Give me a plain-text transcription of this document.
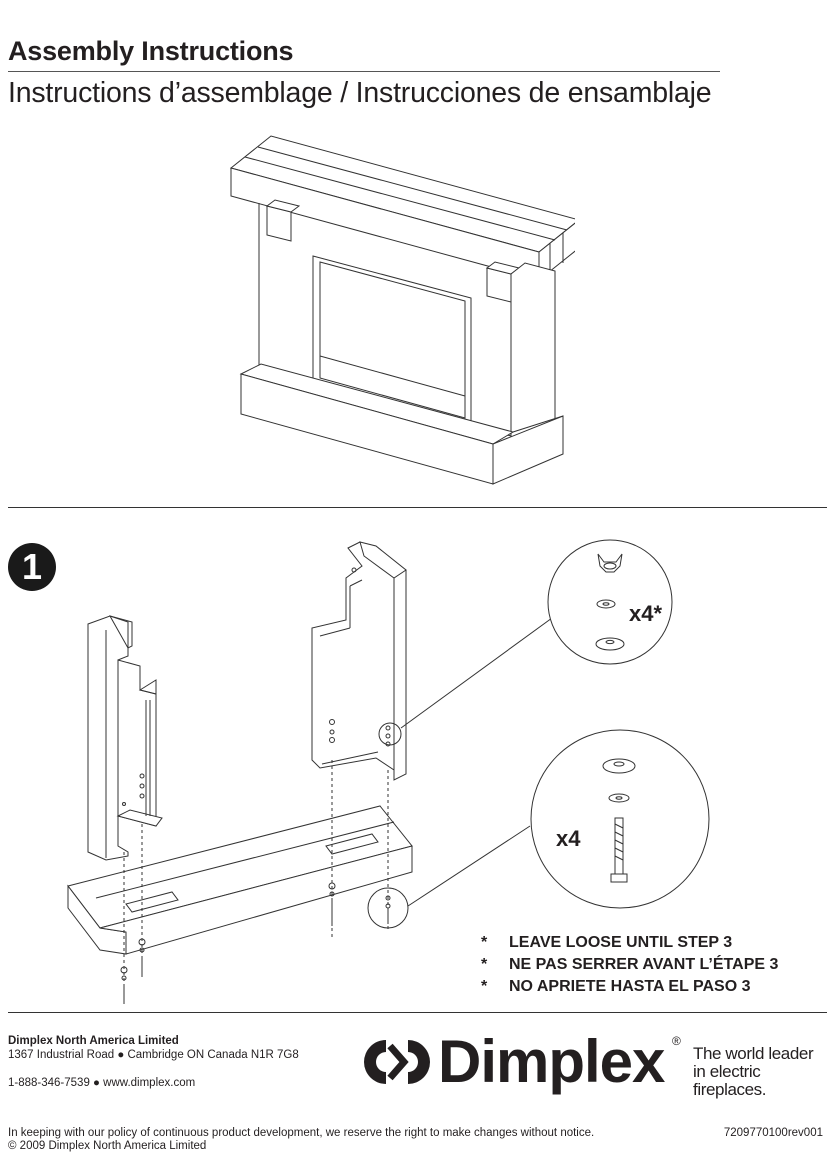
Assembly Instructions
Instructions d’assemblage / Instrucciones de ensamblaje
1
x4*
x4
*	LEAVE LOOSE UNTIL STEP 3
*	NE PAS SERRER AVANT L’ÉTAPE 3
*	NO APRIETE HASTA EL PASO 3
Dimplex North America Limited
1367 Industrial Road ● Cambridge ON Canada N1R 7G8
1-888-346-7539 ● www.dimplex.com	Dimplex ®
The world leader
in electric fireplaces.
In keeping with our policy of continuous product development, we reserve the right to make changes without notice.
© 2009 Dimplex North America Limited
7209770100rev001
